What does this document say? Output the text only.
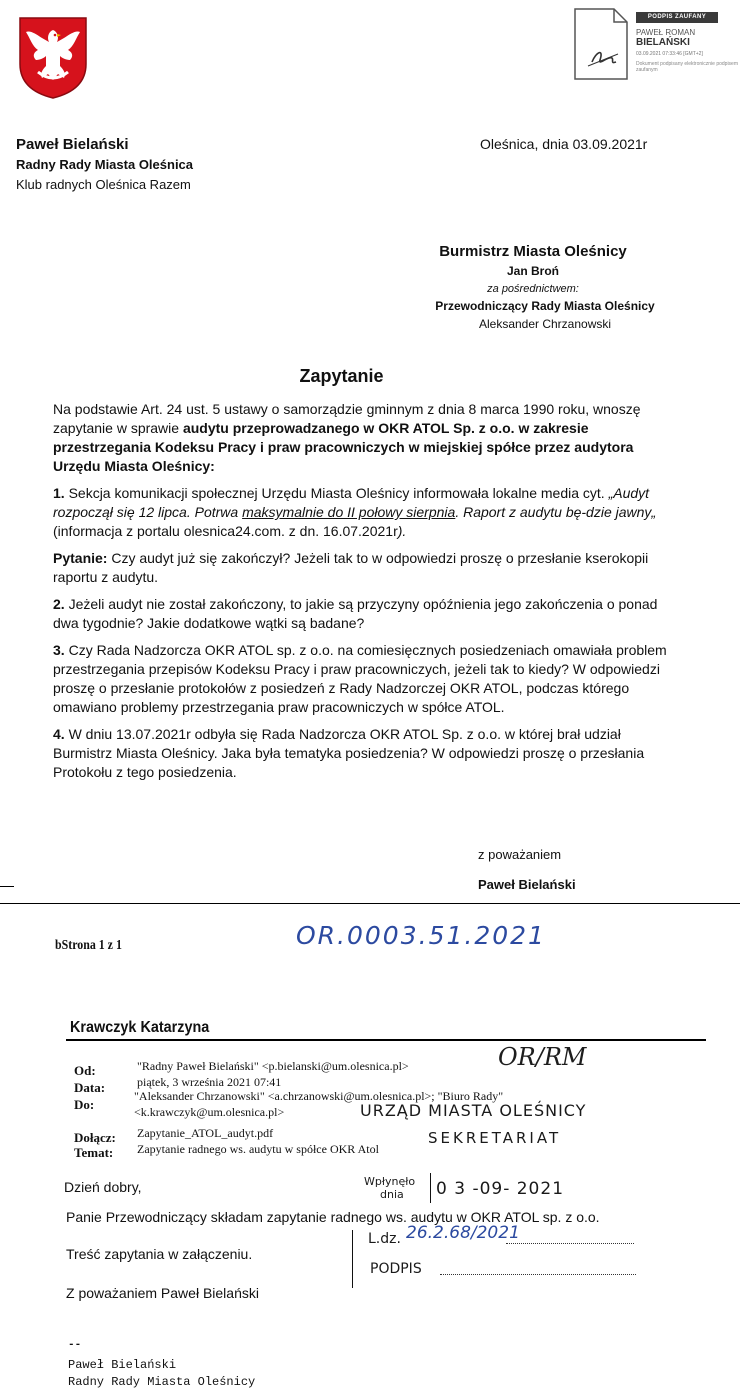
PODPIS ZAUFANY
PAWEŁ ROMAN
BIELAŃSKI
03.09.2021 07:33:46 [GMT+2]
Dokument podpisany elektronicznie podpisem zaufanym
Paweł Bielański
Radny Rady Miasta Oleśnica
Klub radnych Oleśnica Razem
Oleśnica, dnia 03.09.2021r
Burmistrz Miasta Oleśnicy
Jan Broń
za pośrednictwem:
Przewodniczący Rady Miasta Oleśnicy
Aleksander Chrzanowski
Zapytanie

Na podstawie Art. 24 ust. 5 ustawy o samorządzie gminnym z dnia 8 marca 1990 roku, wnoszę zapytanie w sprawie audytu przeprowadzanego w OKR ATOL Sp. z o.o. w zakresie przestrzegania Kodeksu Pracy i praw pracowniczych w miejskiej spółce przez audytora Urzędu Miasta Oleśnicy:

1. Sekcja komunikacji społecznej Urzędu Miasta Oleśnicy informowała lokalne media cyt. „Audyt rozpoczął się 12 lipca. Potrwa maksymalnie do II połowy sierpnia. Raport z audytu bę-dzie jawny„ (informacja z portalu olesnica24.com. z dn. 16.07.2021r).

Pytanie: Czy audyt już się zakończył? Jeżeli tak to w odpowiedzi proszę o przesłanie kserokopii raportu z audytu.

2. Jeżeli audyt nie został zakończony, to jakie są przyczyny opóźnienia jego zakończenia o ponad dwa tygodnie? Jakie dodatkowe wątki są badane?

3. Czy Rada Nadzorcza OKR ATOL sp. z o.o. na comiesięcznych posiedzeniach omawiała problem przestrzegania przepisów Kodeksu Pracy i praw pracowniczych, jeżeli tak to kiedy? W odpowiedzi proszę o przesłanie protokołów z posiedzeń z Rady Nadzorczej OKR ATOL, podczas którego omawiano problemy przestrzegania praw pracowniczych w spółce ATOL.

4. W dniu 13.07.2021r odbyła się Rada Nadzorcza OKR ATOL Sp. z o.o. w której brał udział Burmistrz Miasta Oleśnicy. Jaka była tematyka posiedzenia? W odpowiedzi proszę o przesłania Protokołu z tego posiedzenia.

z poważaniem
Paweł Bielański
bStrona 1 z 1	OR.0003.51.2021
Krawczyk Katarzyna
Od:	"Radny Paweł Bielański" <p.bielanski@um.olesnica.pl>
Data:	piątek, 3 września 2021 07:41
Do:
"Aleksander Chrzanowski" <a.chrzanowski@um.olesnica.pl>; "Biuro Rady"
<k.krawczyk@um.olesnica.pl>
Dołącz: Zapytanie_ATOL_audyt.pdf
Temat: Zapytanie radnego ws. audytu w spółce OKR Atol
OR/RM
URZĄD MIASTA OLEŚNICY
SEKRETARIAT
Wpłynęło
dnia 0 3 -09- 2021
L.dz. 26.2.68/2021
PODPIS
Dzień dobry,
Panie Przewodniczący składam zapytanie radnego ws. audytu w OKR ATOL sp. z o.o.
Treść zapytania w załączeniu.
Z poważaniem Paweł Bielański
--
Paweł Bielański
Radny Rady Miasta Oleśnicy
